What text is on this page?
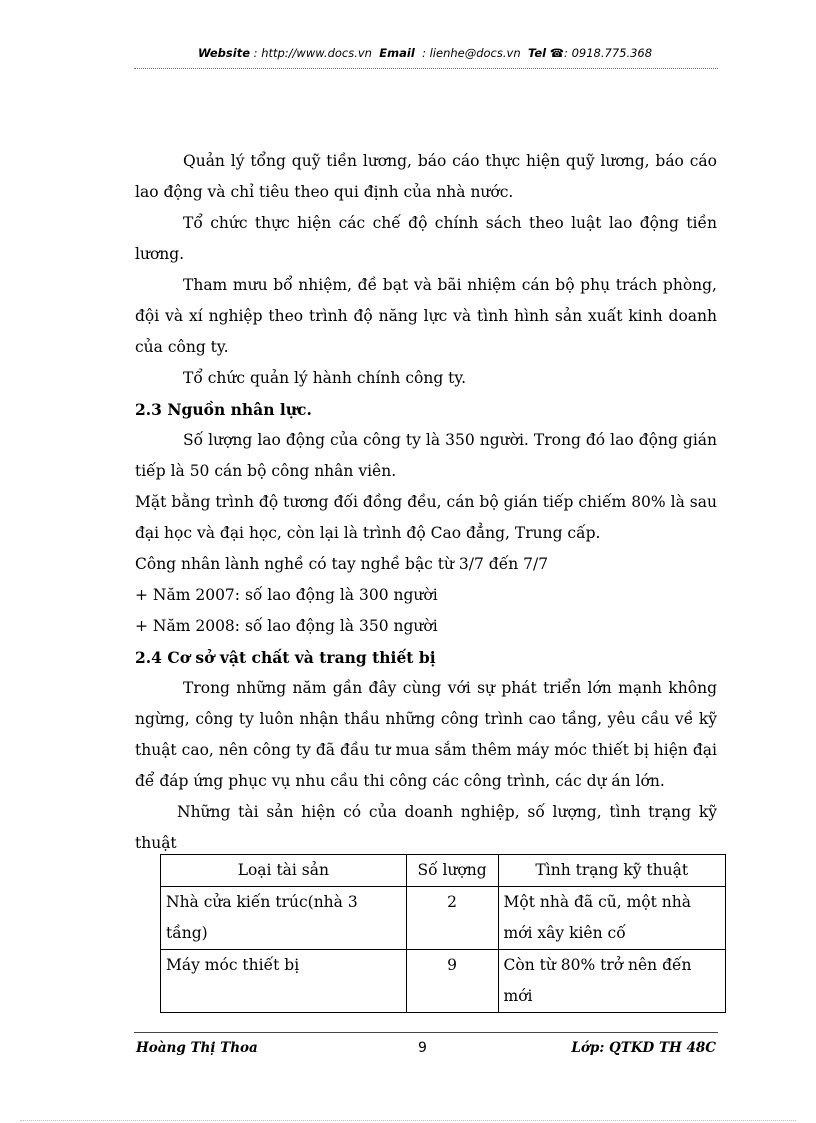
Website : http://www.docs.vn Email : lienhe@docs.vn Tel ☎: 0918.775.368

Quản lý tổng quỹ tiền lương, báo cáo thực hiện quỹ lương, báo cáo lao động và chỉ tiêu theo qui định của nhà nước.

Tổ chức thực hiện các chế độ chính sách theo luật lao động tiền lương.

Tham mưu bổ nhiệm, đề bạt và bãi nhiệm cán bộ phụ trách phòng, đội và xí nghiệp theo trình độ năng lực và tình hình sản xuất kinh doanh của công ty.

Tổ chức quản lý hành chính công ty.

2.3 Nguồn nhân lực.

Số lượng lao động của công ty là 350 người. Trong đó lao động gián tiếp là 50 cán bộ công nhân viên.

Mặt bằng trình độ tương đối đồng đều, cán bộ gián tiếp chiếm 80% là sau đại học và đại học, còn lại là trình độ Cao đẳng, Trung cấp.

Công nhân lành nghề có tay nghề bậc từ 3/7 đến 7/7

+ Năm 2007: số lao động là 300 người

+ Năm 2008: số lao động là 350 người

2.4 Cơ sở vật chất và trang thiết bị

Trong những năm gần đây cùng với sự phát triển lớn mạnh không ngừng, công ty luôn nhận thầu những công trình cao tầng, yêu cầu về kỹ thuật cao, nên công ty đã đầu tư mua sắm thêm máy móc thiết bị hiện đại để đáp ứng phục vụ nhu cầu thi công các công trình, các dự án lớn.

Những tài sản hiện có của doanh nghiệp, số lượng, tình trạng kỹ thuật

Loại tài sản	Số lượng	Tình trạng kỹ thuật
Nhà cửa kiến trúc(nhà 3 tầng)	2	Một nhà đã cũ, một nhà mới xây kiên cố
Máy móc thiết bị	9	Còn từ 80% trở nên đến mới
Hoàng Thị Thoa	9	Lớp: QTKD TH 48C
